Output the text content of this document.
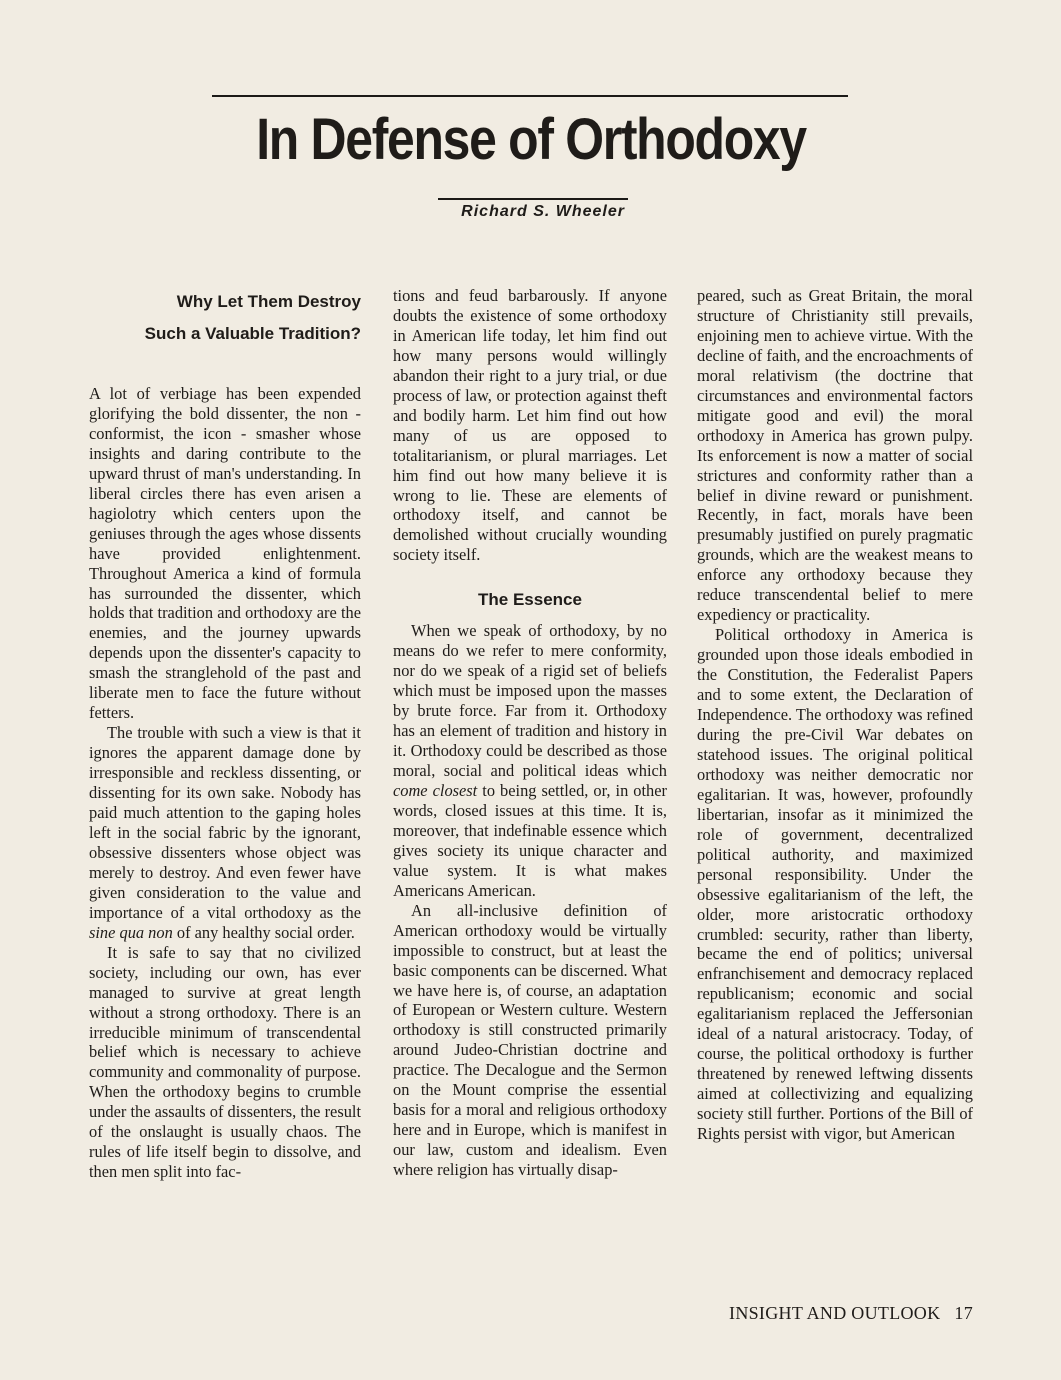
In Defense of Orthodoxy
Richard S. Wheeler
Why Let Them Destroy
Such a Valuable Tradition?

A lot of verbiage has been expended glorifying the bold dissenter, the non - conformist, the icon - smasher whose insights and daring contribute to the upward thrust of man's understanding. In liberal circles there has even arisen a hagiolotry which centers upon the geniuses through the ages whose dissents have provided enlightenment. Throughout America a kind of formula has surrounded the dissenter, which holds that tradition and orthodoxy are the enemies, and the journey upwards depends upon the dissenter's capacity to smash the stranglehold of the past and liberate men to face the future without fetters.

The trouble with such a view is that it ignores the apparent damage done by irresponsible and reckless dissenting, or dissenting for its own sake. Nobody has paid much attention to the gaping holes left in the social fabric by the ignorant, obsessive dissenters whose object was merely to destroy. And even fewer have given consideration to the value and importance of a vital orthodoxy as the sine qua non of any healthy social order.

It is safe to say that no civilized society, including our own, has ever managed to survive at great length without a strong orthodoxy. There is an irreducible minimum of transcendental belief which is necessary to achieve community and commonality of purpose. When the orthodoxy begins to crumble under the assaults of dissenters, the result of the onslaught is usually chaos. The rules of life itself begin to dissolve, and then men split into fac-

tions and feud barbarously. If anyone doubts the existence of some orthodoxy in American life today, let him find out how many persons would willingly abandon their right to a jury trial, or due process of law, or protection against theft and bodily harm. Let him find out how many of us are opposed to totalitarianism, or plural marriages. Let him find out how many believe it is wrong to lie. These are elements of orthodoxy itself, and cannot be demolished without crucially wounding society itself.

The Essence

When we speak of orthodoxy, by no means do we refer to mere conformity, nor do we speak of a rigid set of beliefs which must be imposed upon the masses by brute force. Far from it. Orthodoxy has an element of tradition and history in it. Orthodoxy could be described as those moral, social and political ideas which come closest to being settled, or, in other words, closed issues at this time. It is, moreover, that indefinable essence which gives society its unique character and value system. It is what makes Americans American.

An all-inclusive definition of American orthodoxy would be virtually impossible to construct, but at least the basic components can be discerned. What we have here is, of course, an adaptation of European or Western culture. Western orthodoxy is still constructed primarily around Judeo-Christian doctrine and practice. The Decalogue and the Sermon on the Mount comprise the essential basis for a moral and religious orthodoxy here and in Europe, which is manifest in our law, custom and idealism. Even where religion has virtually disap-

peared, such as Great Britain, the moral structure of Christianity still prevails, enjoining men to achieve virtue. With the decline of faith, and the encroachments of moral relativism (the doctrine that circumstances and environmental factors mitigate good and evil) the moral orthodoxy in America has grown pulpy. Its enforcement is now a matter of social strictures and conformity rather than a belief in divine reward or punishment. Recently, in fact, morals have been presumably justified on purely pragmatic grounds, which are the weakest means to enforce any orthodoxy because they reduce transcendental belief to mere expediency or practicality.

Political orthodoxy in America is grounded upon those ideals embodied in the Constitution, the Federalist Papers and to some extent, the Declaration of Independence. The orthodoxy was refined during the pre-Civil War debates on statehood issues. The original political orthodoxy was neither democratic nor egalitarian. It was, however, profoundly libertarian, insofar as it minimized the role of government, decentralized political authority, and maximized personal responsibility. Under the obsessive egalitarianism of the left, the older, more aristocratic orthodoxy crumbled: security, rather than liberty, became the end of politics; universal enfranchisement and democracy replaced republicanism; economic and social egalitarianism replaced the Jeffersonian ideal of a natural aristocracy. Today, of course, the political orthodoxy is further threatened by renewed leftwing dissents aimed at collectivizing and equalizing society still further. Portions of the Bill of Rights persist with vigor, but American

INSIGHT AND OUTLOOK 17
